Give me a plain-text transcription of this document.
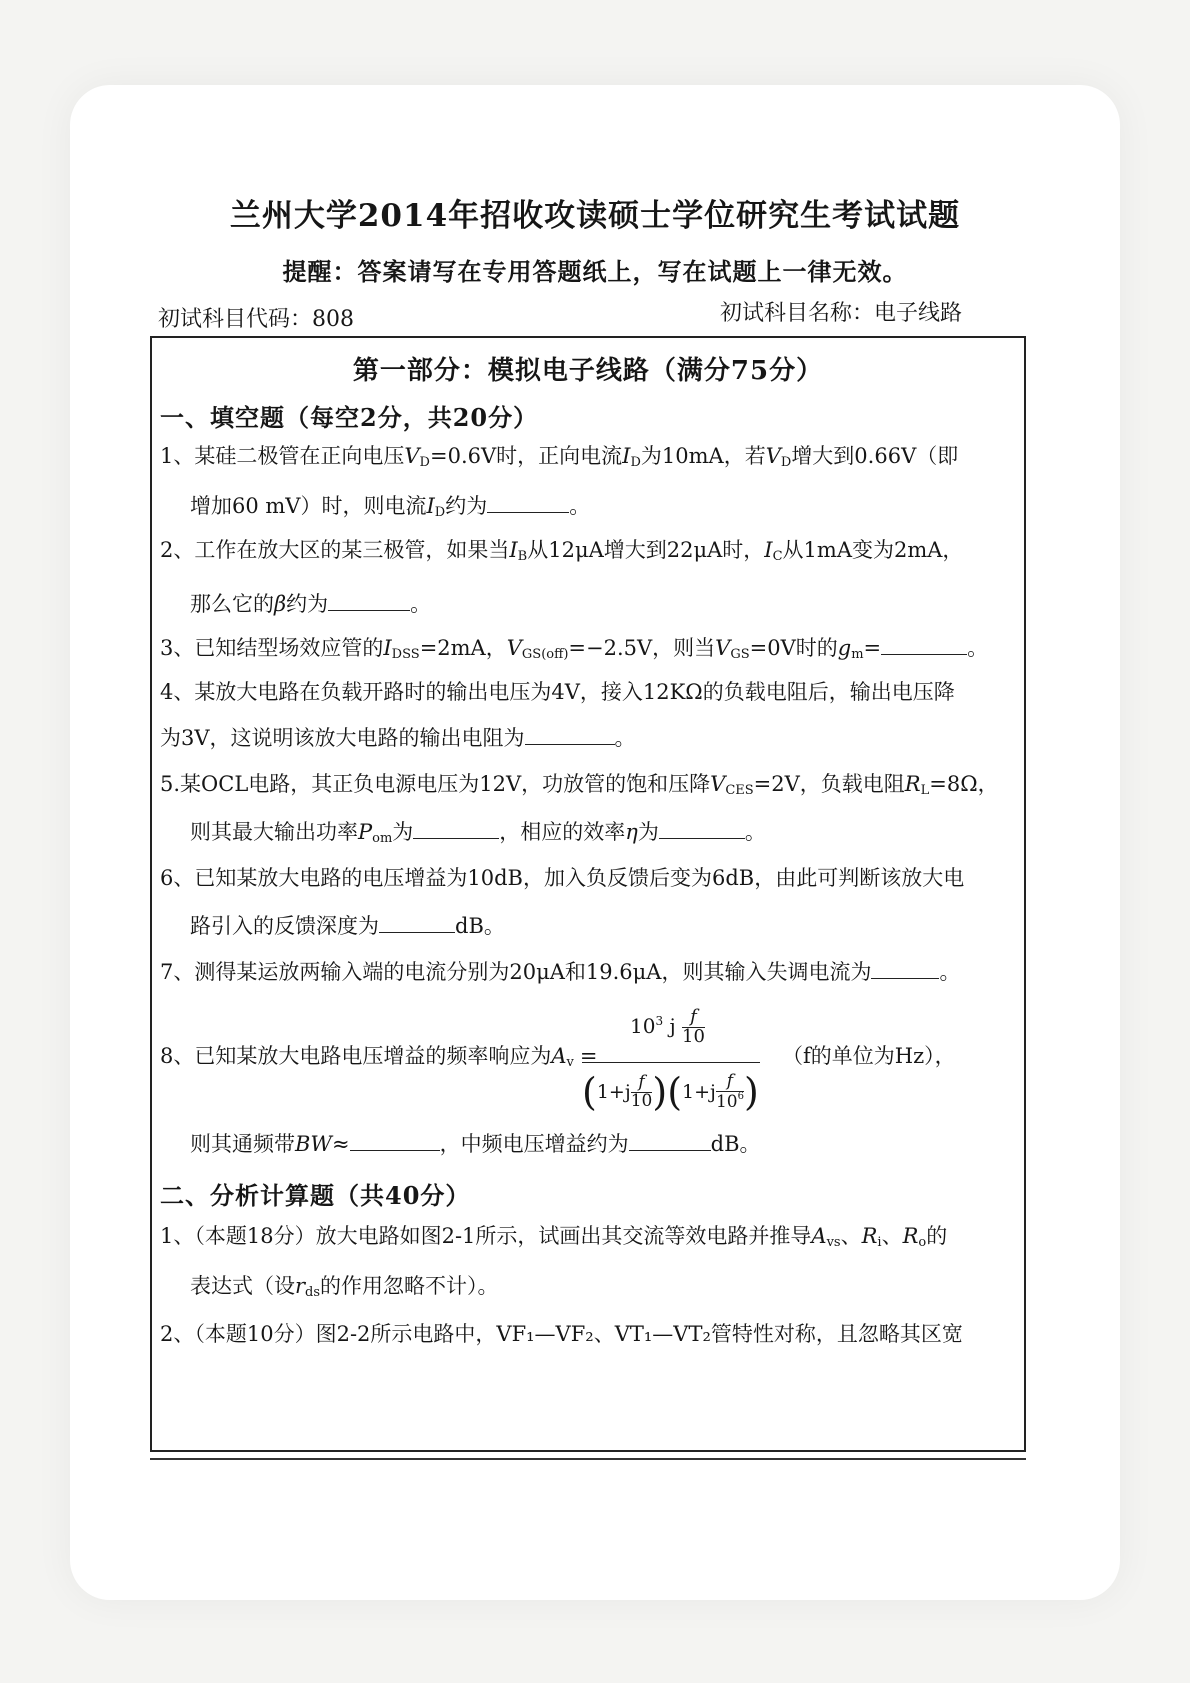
兰州大学2014年招收攻读硕士学位研究生考试试题
提醒：答案请写在专用答题纸上，写在试题上一律无效。
初试科目代码：808	初试科目名称：电子线路
第一部分：模拟电子线路（满分75分）
一、填空题（每空2分，共20分）
1、某硅二极管在正向电压$V_D=0.6V$时，正向电流$I_D$为10mA，若$V_D$增大到0.66V（即
增加60 mV）时，则电流$I_D$约为	。
2、工作在放大区的某三极管，如果当$I_B$从12μA增大到22μA时，$I_C$从1mA变为2mA，
那么它的β约为	。
3、已知结型场效应管的$I_{DSS}=2mA$，$V_{GS(off)}=-2.5V$，则当$V_{GS}=0V$时的$g_m=$	。
4、某放大电路在负载开路时的输出电压为4V，接入12KΩ的负载电阻后，输出电压降
为3V，这说明该放大电路的输出电阻为	。
5.某OCL电路，其正负电源电压为12V，功放管的饱和压降$V_{CES}=2V$，负载电阻$R_L=8\Omega$，
则其最大输出功率$P_{om}$为	，相应的效率η为	。
6、已知某放大电路的电压增益为10dB，加入负反馈后变为6dB，由此可判断该放大电
路引入的反馈深度为	dB。
7、测得某运放两输入端的电流分别为20μA和19.6μA，则其输入失调电流为	。
8、已知某放大电路电压增益的频率响应为$A_v$ =	（f的单位为Hz），
$10^3$ j $\frac{f}{10}$
$(1+j \frac{f}{10} )(1+j \frac{f}{10^6}$ )
则其通频带BW≈	，中频电压增益约为	dB。
二、分析计算题（共40分）
1、（本题18分）放大电路如图2-1所示，试画出其交流等效电路并推导$A_{vs}$、$R_i$、$R_o$的
表达式（设$r_{ds}$的作用忽略不计）。
2、（本题10分）图2-2所示电路中，VF₁—VF₂、VT₁—VT₂管特性对称，且忽略其区宽
